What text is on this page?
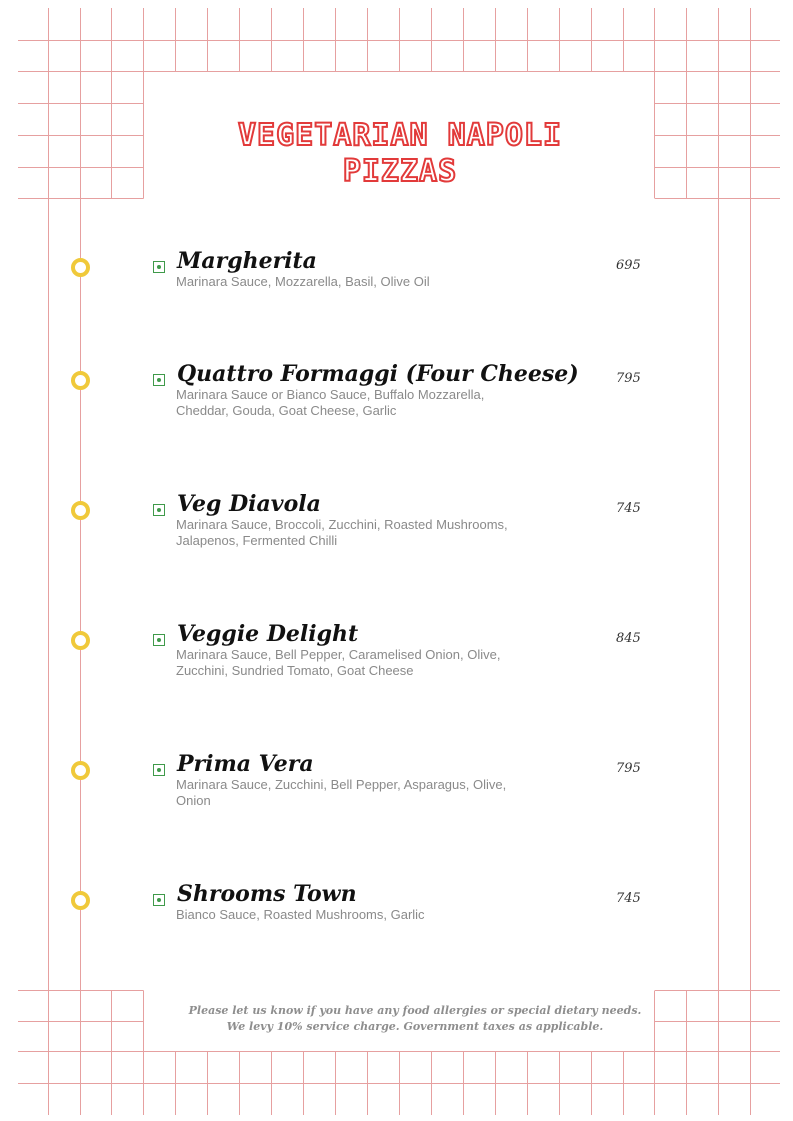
VEGETARIAN NAPOLI
PIZZAS
Margherita
Marinara Sauce, Mozzarella, Basil, Olive Oil
695
Quattro Formaggi (Four Cheese)
Marinara Sauce or Bianco Sauce, Buffalo Mozzarella, Cheddar, Gouda, Goat Cheese, Garlic
795
Veg Diavola
Marinara Sauce, Broccoli, Zucchini, Roasted Mushrooms, Jalapenos, Fermented Chilli
745
Veggie Delight
Marinara Sauce, Bell Pepper, Caramelised Onion, Olive, Zucchini, Sundried Tomato, Goat Cheese
845
Prima Vera
Marinara Sauce, Zucchini, Bell Pepper, Asparagus, Olive, Onion
795
Shrooms Town
Bianco Sauce, Roasted Mushrooms, Garlic
745
Please let us know if you have any food allergies or special dietary needs.
We levy 10% service charge. Government taxes as applicable.
